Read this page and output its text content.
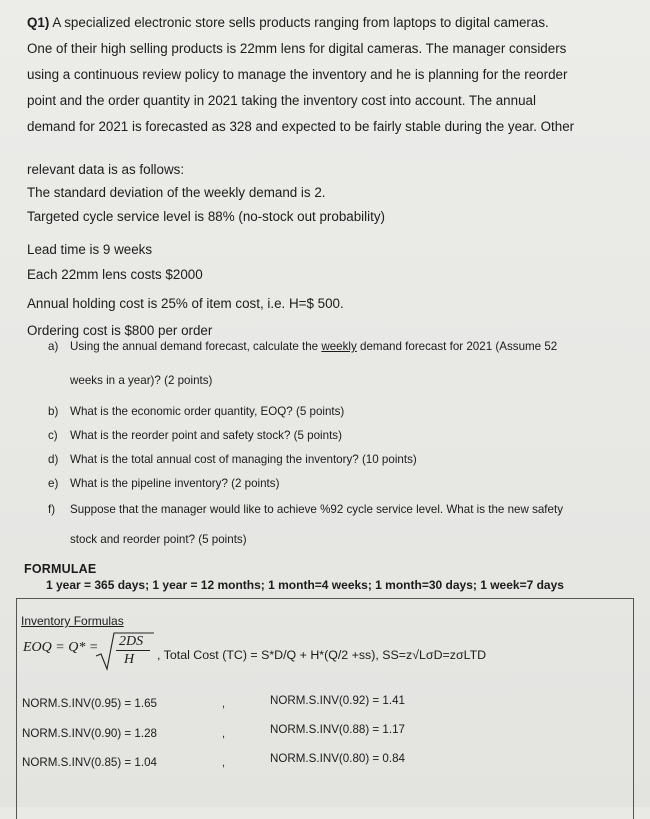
Q1) A specialized electronic store sells products ranging from laptops to digital cameras.
One of their high selling products is 22mm lens for digital cameras. The manager considers
using a continuous review policy to manage the inventory and he is planning for the reorder
point and the order quantity in 2021 taking the inventory cost into account. The annual
demand for 2021 is forecasted as 328 and expected to be fairly stable during the year. Other
relevant data is as follows:
The standard deviation of the weekly demand is 2.
Targeted cycle service level is 88% (no-stock out probability)
Lead time is 9 weeks
Each 22mm lens costs $2000
Annual holding cost is 25% of item cost, i.e. H=$ 500.
Ordering cost is $800 per order
a) Using the annual demand forecast, calculate the weekly demand forecast for 2021 (Assume 52
weeks in a year)? (2 points)
b) What is the economic order quantity, EOQ? (5 points)
c) What is the reorder point and safety stock? (5 points)
d) What is the total annual cost of managing the inventory? (10 points)
e) What is the pipeline inventory? (2 points)
f) Suppose that the manager would like to achieve %92 cycle service level. What is the new safety
stock and reorder point? (5 points)
FORMULAE
1 year = 365 days; 1 year = 12 months; 1 month=4 weeks; 1 month=30 days; 1 week=7 days
Inventory Formulas
EOQ = Q* = 2DS
H , Total Cost (TC) = S*D/Q + H*(Q/2 +ss), SS=z√LσD=zσLTD
NORM.S.INV(0.95) = 1.65
NORM.S.INV(0.90) = 1.28
NORM.S.INV(0.85) = 1.04
,
,
,
NORM.S.INV(0.92) = 1.41
NORM.S.INV(0.88) = 1.17
NORM.S.INV(0.80) = 0.84
